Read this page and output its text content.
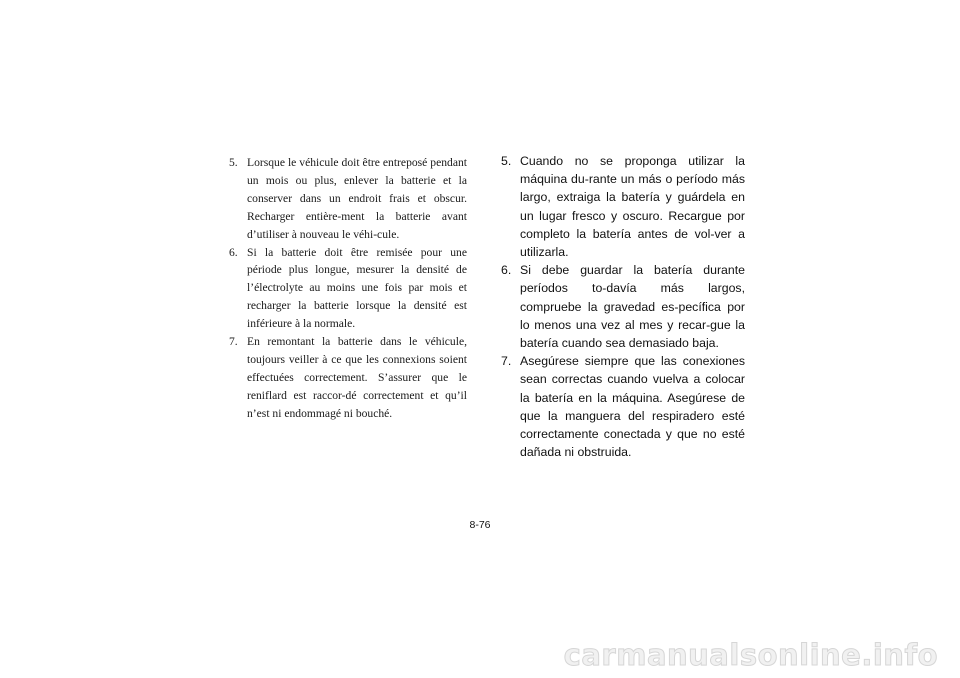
5. Lorsque le véhicule doit être entreposé pendant un mois ou plus, enlever la batterie et la conserver dans un endroit frais et obscur. Recharger entière-ment la batterie avant d’utiliser à nouveau le véhi-cule.
6. Si la batterie doit être remisée pour une période plus longue, mesurer la densité de l’électrolyte au moins une fois par mois et recharger la batterie lorsque la densité est inférieure à la normale.
7. En remontant la batterie dans le véhicule, toujours veiller à ce que les connexions soient effectuées correctement. S’assurer que le reniflard est raccor-dé correctement et qu’il n’est ni endommagé ni bouché.
5. Cuando no se proponga utilizar la máquina du-rante un más o período más largo, extraiga la batería y guárdela en un lugar fresco y oscuro. Recargue por completo la batería antes de vol-ver a utilizarla.
6. Si debe guardar la batería durante períodos to-davía más largos, compruebe la gravedad es-pecífica por lo menos una vez al mes y recar-gue la batería cuando sea demasiado baja.
7. Asegúrese siempre que las conexiones sean correctas cuando vuelva a colocar la batería en la máquina. Asegúrese de que la manguera del respiradero esté correctamente conectada y que no esté dañada ni obstruida.
8-76
carmanualsonline.info
